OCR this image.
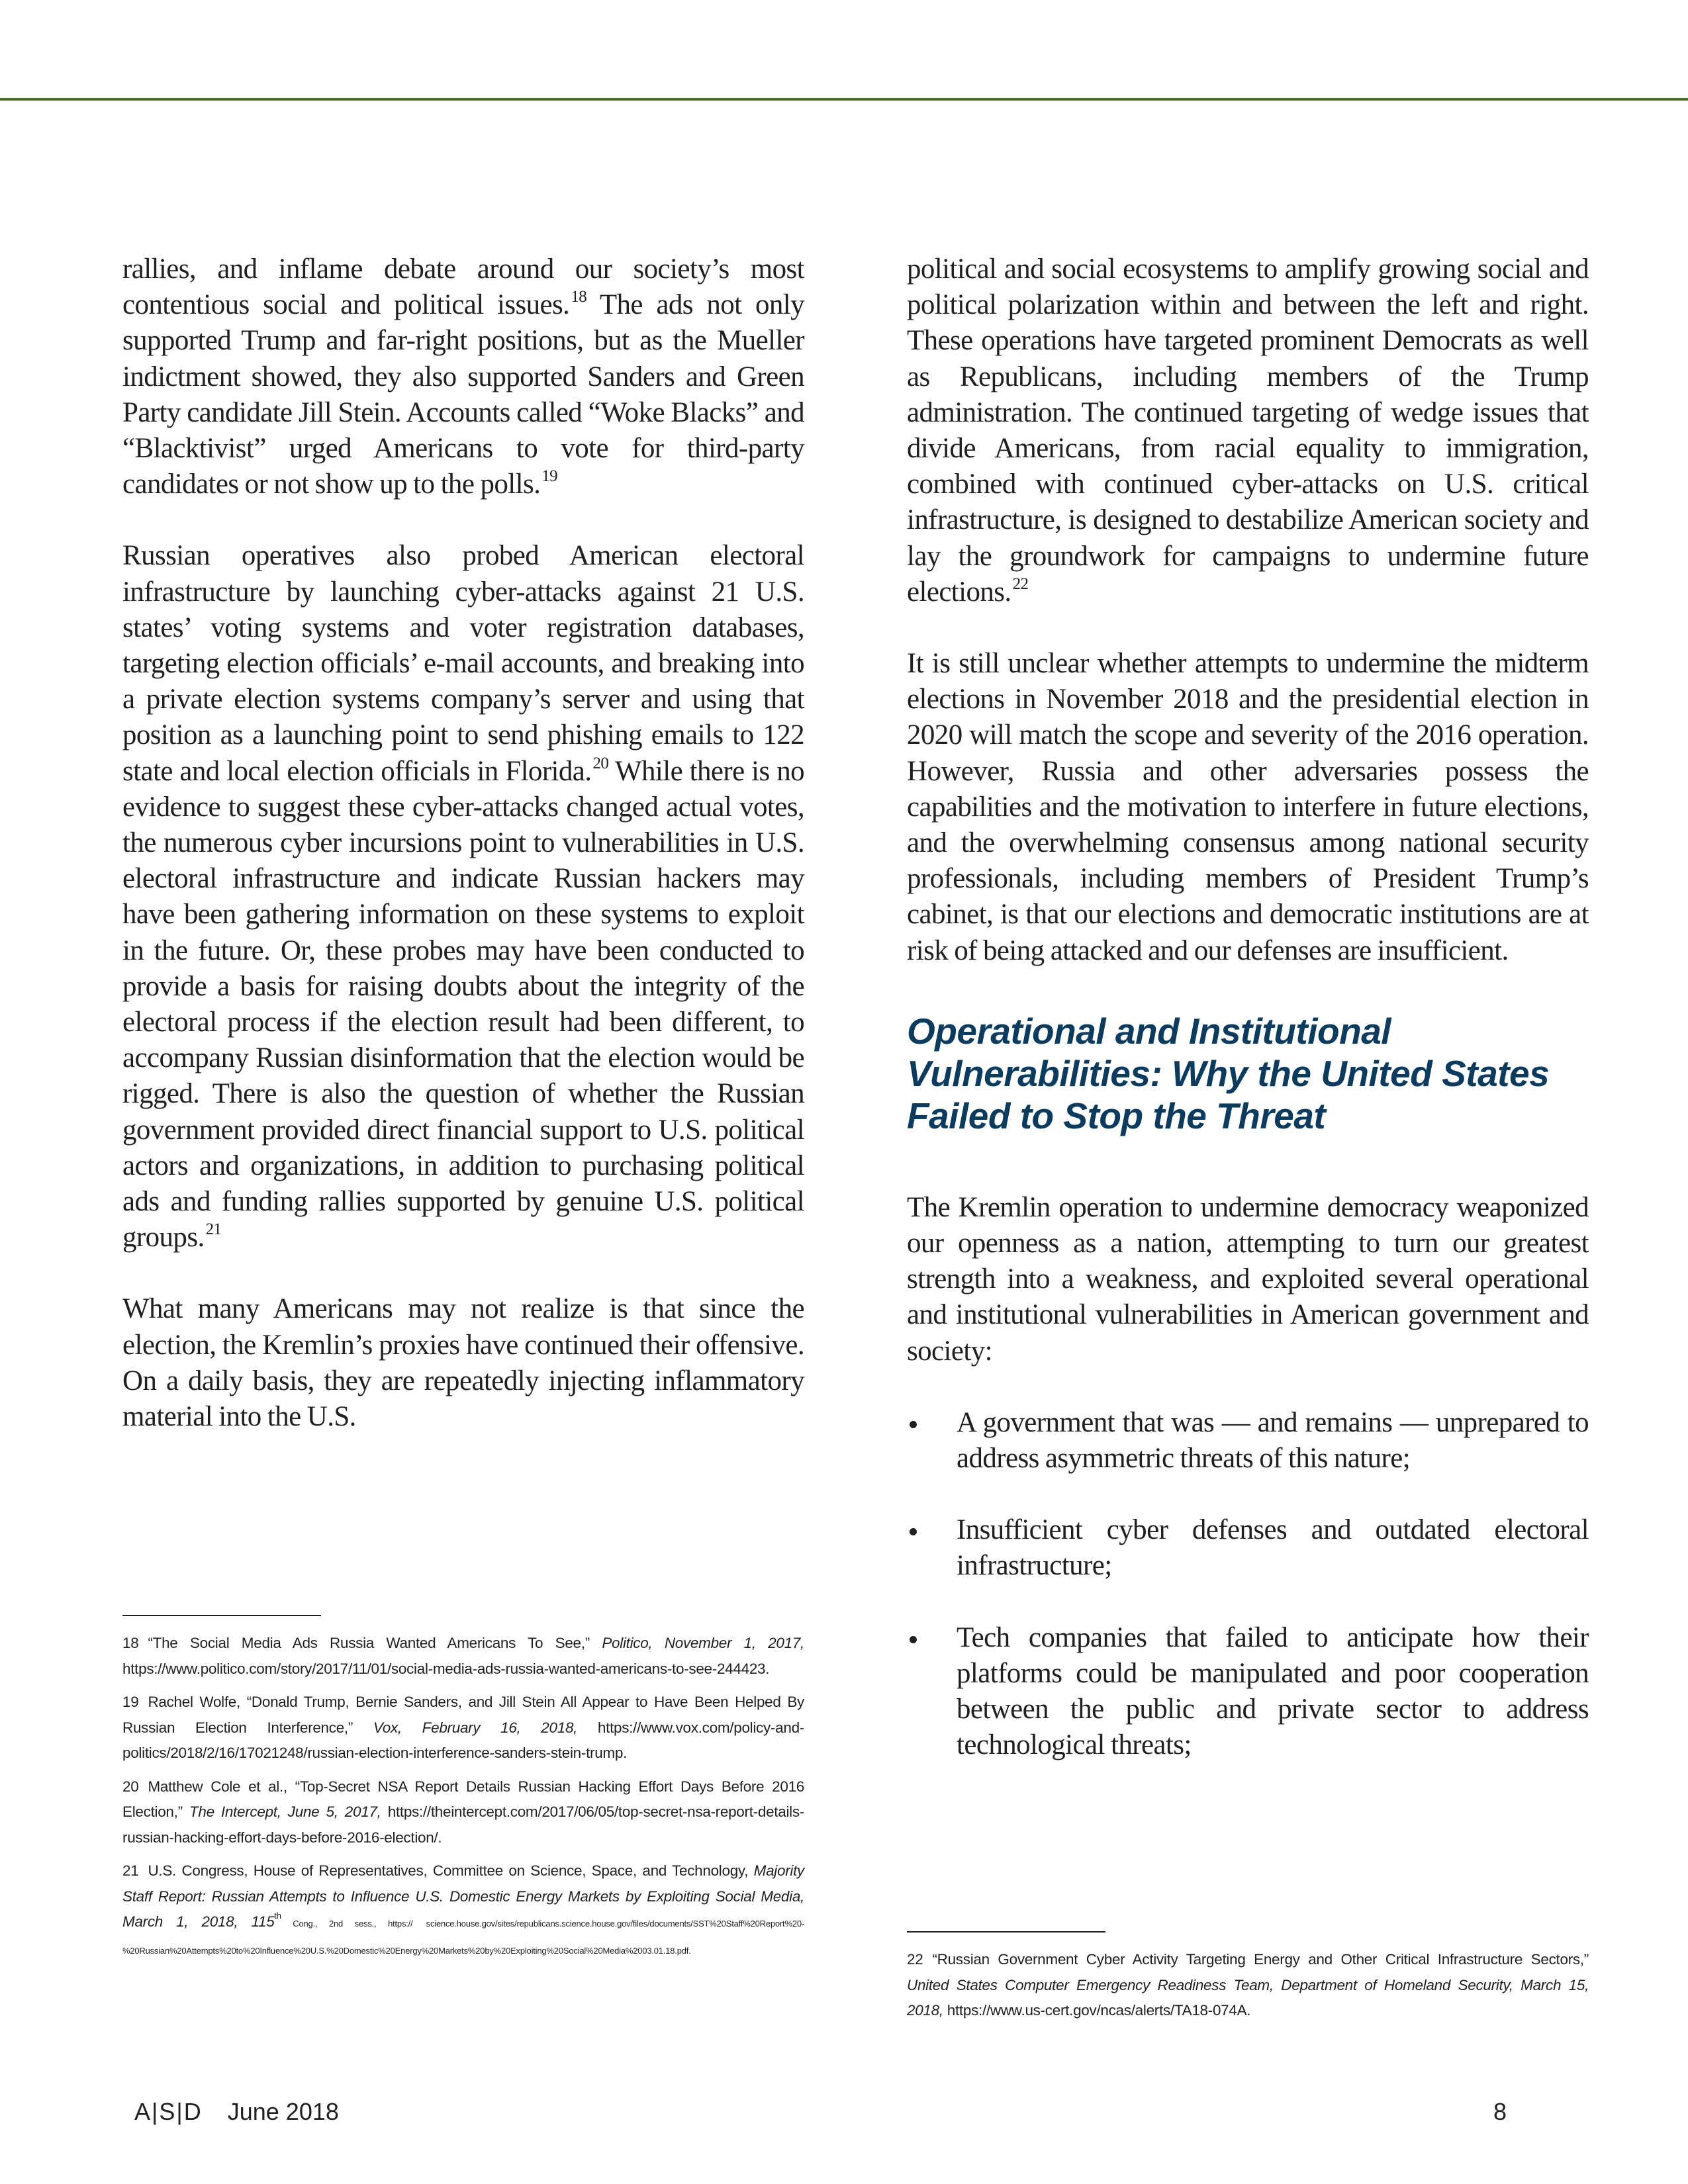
rallies, and inflame debate around our society’s most contentious social and political issues.$^{18}$ The ads not only supported Trump and far-right positions, but as the Mueller indictment showed, they also supported Sanders and Green Party candidate Jill Stein. Accounts called “Woke Blacks” and “Blacktivist” urged Americans to vote for third-party candidates or not show up to the polls.$^{19}$

Russian operatives also probed American electoral infrastructure by launching cyber-attacks against 21 U.S. states’ voting systems and voter registration databases, targeting election officials’ e-mail accounts, and breaking into a private election systems company’s server and using that position as a launching point to send phishing emails to 122 state and local election officials in Florida.$^{20}$ While there is no evidence to suggest these cyber-attacks changed actual votes, the numerous cyber incursions point to vulnerabilities in U.S. electoral infrastructure and indicate Russian hackers may have been gathering information on these systems to exploit in the future. Or, these probes may have been conducted to provide a basis for raising doubts about the integrity of the electoral process if the election result had been different, to accompany Russian disinformation that the election would be rigged. There is also the question of whether the Russian government provided direct financial support to U.S. political actors and organizations, in addition to purchasing political ads and funding rallies supported by genuine U.S. political groups.$^{21}$

What many Americans may not realize is that since the election, the Kremlin’s proxies have continued their offensive. On a daily basis, they are repeatedly injecting inflammatory material into the U.S.

18 “The Social Media Ads Russia Wanted Americans To See,” Politico, November 1, 2017, https://www.politico.com/story/2017/11/01/social-media-ads-russia-wanted-americans-to-see-244423.

19 Rachel Wolfe, “Donald Trump, Bernie Sanders, and Jill Stein All Appear to Have Been Helped By Russian Election Interference,” Vox, February 16, 2018, https://www.vox.com/policy-and-politics/2018/2/16/17021248/russian-election-interference-sanders-stein-trump.

20 Matthew Cole et al., “Top-Secret NSA Report Details Russian Hacking Effort Days Before 2016 Election,” The Intercept, June 5, 2017, https://theintercept.com/2017/06/05/top-secret-nsa-report-details-russian-hacking-effort-days-before-2016-election/.

21 U.S. Congress, House of Representatives, Committee on Science, Space, and Technology, Majority Staff Report: Russian Attempts to Influence U.S. Domestic Energy Markets by Exploiting Social Media, March 1, 2018, 115th Cong., 2nd sess., https:// science.house.gov/sites/republicans.science.house.gov/files/documents/SST%20Staff%20Report%20-%20Russian%20Attempts%20to%20Influence%20U.S.%20Domestic%20Energy%20Markets%20by%20Exploiting%20Social%20Media%2003.01.18.pdf.

political and social ecosystems to amplify growing social and political polarization within and between the left and right. These operations have targeted prominent Democrats as well as Republicans, including members of the Trump administration. The continued targeting of wedge issues that divide Americans, from racial equality to immigration, combined with continued cyber-attacks on U.S. critical infrastructure, is designed to destabilize American society and lay the groundwork for campaigns to undermine future elections.$^{22}$

It is still unclear whether attempts to undermine the midterm elections in November 2018 and the presidential election in 2020 will match the scope and severity of the 2016 operation. However, Russia and other adversaries possess the capabilities and the motivation to interfere in future elections, and the overwhelming consensus among national security professionals, including members of President Trump’s cabinet, is that our elections and democratic institutions are at risk of being attacked and our defenses are insufficient.

Operational and Institutional Vulnerabilities: Why the United States Failed to Stop the Threat

The Kremlin operation to undermine democracy weaponized our openness as a nation, attempting to turn our greatest strength into a weakness, and exploited several operational and institutional vulnerabilities in American government and society:

A government that was — and remains — unprepared to address asymmetric threats of this nature;
Insufficient cyber defenses and outdated electoral infrastructure;
Tech companies that failed to anticipate how their platforms could be manipulated and poor cooperation between the public and private sector to address technological threats;

22 “Russian Government Cyber Activity Targeting Energy and Other Critical Infrastructure Sectors,” United States Computer Emergency Readiness Team, Department of Homeland Security, March 15, 2018, https://www.us-cert.gov/ncas/alerts/TA18-074A.

A|S|D June 2018	8
